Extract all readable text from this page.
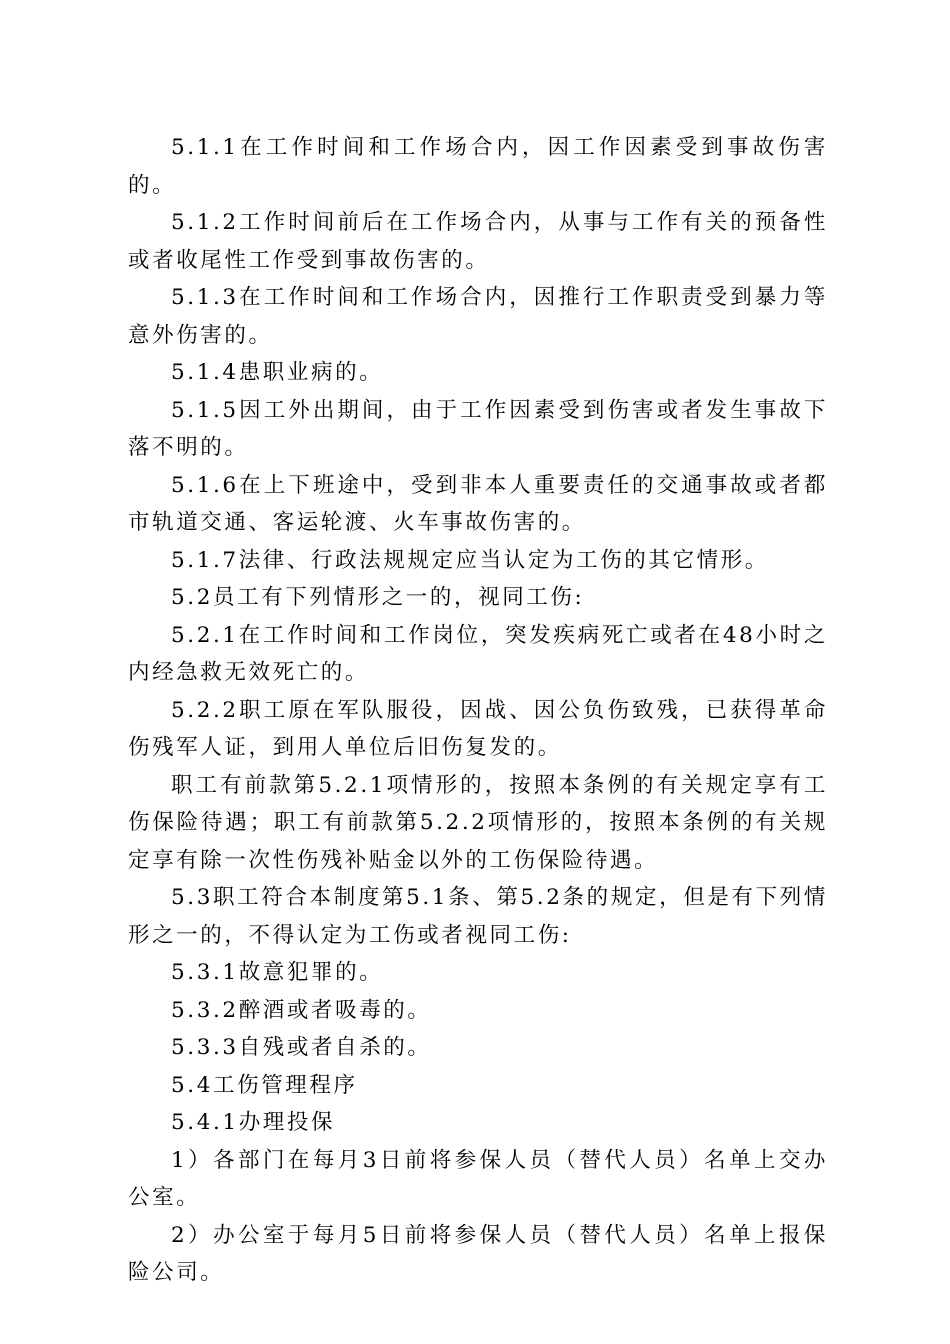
5.1.1在工作时间和工作场合内，因工作因素受到事故伤害的。

5.1.2工作时间前后在工作场合内，从事与工作有关的预备性或者收尾性工作受到事故伤害的。

5.1.3在工作时间和工作场合内，因推行工作职责受到暴力等意外伤害的。

5.1.4患职业病的。

5.1.5因工外出期间，由于工作因素受到伤害或者发生事故下落不明的。

5.1.6在上下班途中，受到非本人重要责任的交通事故或者都市轨道交通、客运轮渡、火车事故伤害的。

5.1.7法律、行政法规规定应当认定为工伤的其它情形。

5.2员工有下列情形之一的，视同工伤:

5.2.1在工作时间和工作岗位，突发疾病死亡或者在48小时之内经急救无效死亡的。

5.2.2职工原在军队服役，因战、因公负伤致残，已获得革命伤残军人证，到用人单位后旧伤复发的。

职工有前款第5.2.1项情形的，按照本条例的有关规定享有工伤保险待遇；职工有前款第5.2.2项情形的，按照本条例的有关规定享有除一次性伤残补贴金以外的工伤保险待遇。

5.3职工符合本制度第5.1条、第5.2条的规定，但是有下列情形之一的，不得认定为工伤或者视同工伤:

5.3.1故意犯罪的。

5.3.2醉酒或者吸毒的。

5.3.3自残或者自杀的。

5.4工伤管理程序

5.4.1办理投保

1）各部门在每月3日前将参保人员（替代人员）名单上交办公室。

2）办公室于每月5日前将参保人员（替代人员）名单上报保险公司。
